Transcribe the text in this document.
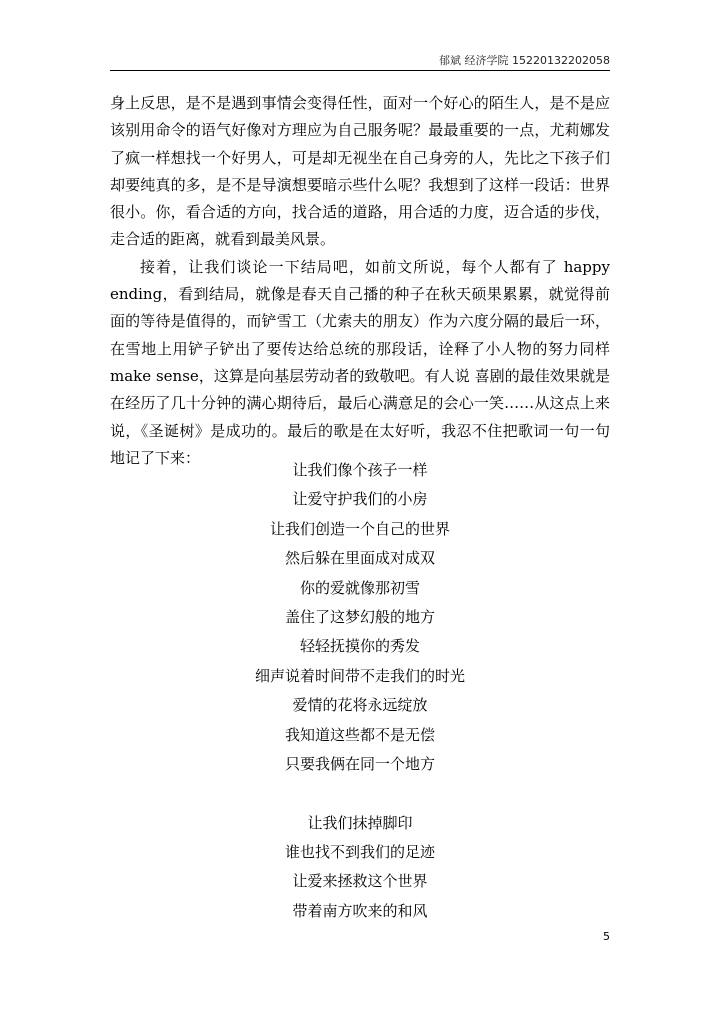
郁斌 经济学院 15220132202058

身上反思，是不是遇到事情会变得任性，面对一个好心的陌生人，是不是应该别用命令的语气好像对方理应为自己服务呢？最最重要的一点，尤莉娜发了疯一样想找一个好男人，可是却无视坐在自己身旁的人，先比之下孩子们却要纯真的多，是不是导演想要暗示些什么呢？我想到了这样一段话：世界很小。你，看合适的方向，找合适的道路，用合适的力度，迈合适的步伐，走合适的距离，就看到最美风景。

接着，让我们谈论一下结局吧，如前文所说，每个人都有了 happy ending，看到结局，就像是春天自己播的种子在秋天硕果累累，就觉得前面的等待是值得的，而铲雪工（尤索夫的朋友）作为六度分隔的最后一环，在雪地上用铲子铲出了要传达给总统的那段话，诠释了小人物的努力同样 make sense，这算是向基层劳动者的致敬吧。有人说 喜剧的最佳效果就是在经历了几十分钟的满心期待后，最后心满意足的会心一笑……从这点上来说，《圣诞树》是成功的。最后的歌是在太好听，我忍不住把歌词一句一句地记了下来：

让我们像个孩子一样
让爱守护我们的小房
让我们创造一个自己的世界
然后躲在里面成对成双
你的爱就像那初雪
盖住了这梦幻般的地方
轻轻抚摸你的秀发
细声说着时间带不走我们的时光
爱情的花将永远绽放
我知道这些都不是无偿
只要我俩在同一个地方
让我们抹掉脚印
谁也找不到我们的足迹
让爱来拯救这个世界
带着南方吹来的和风
5
